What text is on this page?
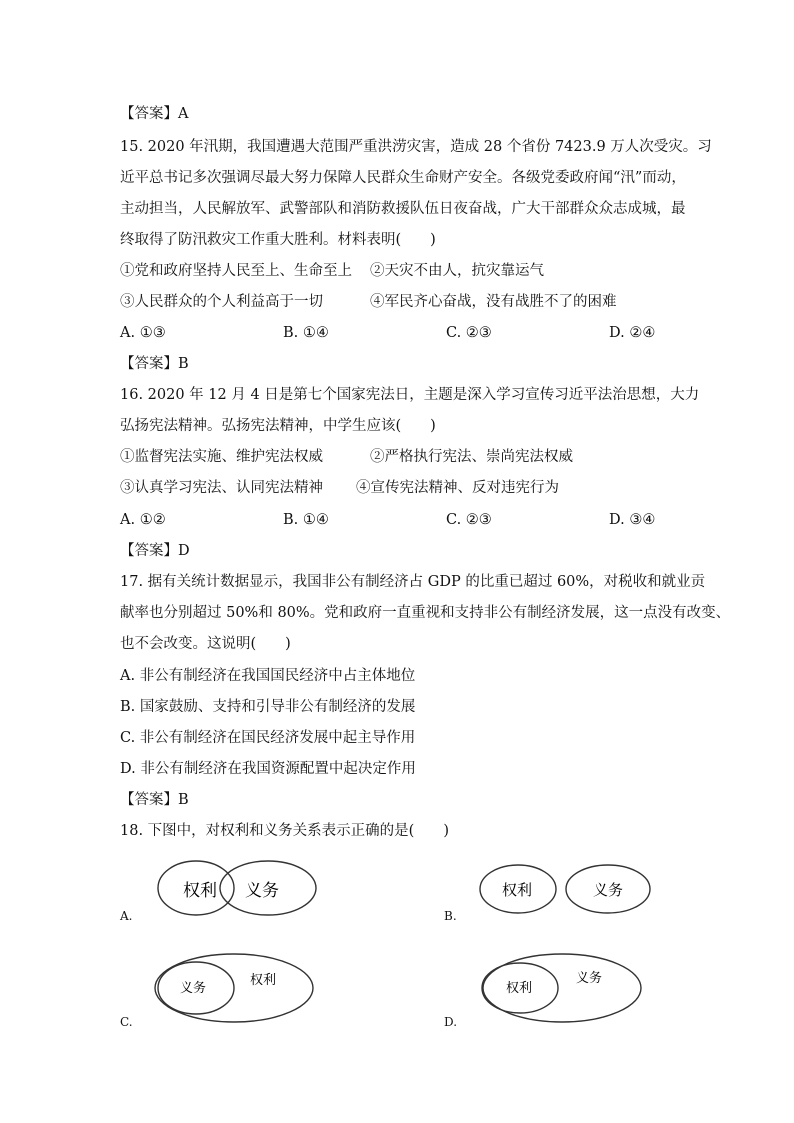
【答案】A
15. 2020 年汛期，我国遭遇大范围严重洪涝灾害，造成 28 个省份 7423.9 万人次受灾。习
近平总书记多次强调尽最大努力保障人民群众生命财产安全。各级党委政府闻“汛”而动，
主动担当，人民解放军、武警部队和消防救援队伍日夜奋战，广大干部群众众志成城，最
终取得了防汛救灾工作重大胜利。材料表明(　　)
①党和政府坚持人民至上、生命至上 ②天灾不由人，抗灾靠运气
③人民群众的个人利益高于一切	④军民齐心奋战，没有战胜不了的困难
A. ①③	B. ①④	C. ②③	D. ②④
【答案】B
16. 2020 年 12 月 4 日是第七个国家宪法日，主题是深入学习宣传习近平法治思想，大力
弘扬宪法精神。弘扬宪法精神，中学生应该(　　)
①监督宪法实施、维护宪法权威	②严格执行宪法、崇尚宪法权威
③认真学习宪法、认同宪法精神 ④宣传宪法精神、反对违宪行为
A. ①②	B. ①④	C. ②③	D. ③④
【答案】D
17. 据有关统计数据显示，我国非公有制经济占 GDP 的比重已超过 60%，对税收和就业贡
献率也分别超过 50%和 80%。党和政府一直重视和支持非公有制经济发展，这一点没有改变、
也不会改变。这说明(　　)
A. 非公有制经济在我国国民经济中占主体地位
B. 国家鼓励、支持和引导非公有制经济的发展
C. 非公有制经济在国民经济发展中起主导作用
D. 非公有制经济在我国资源配置中起决定作用
【答案】B
18. 下图中，对权利和义务关系表示正确的是(　　)
权利 义务
A.
权利	义务
B.
义务
权利
C.
权利
义务
D.
